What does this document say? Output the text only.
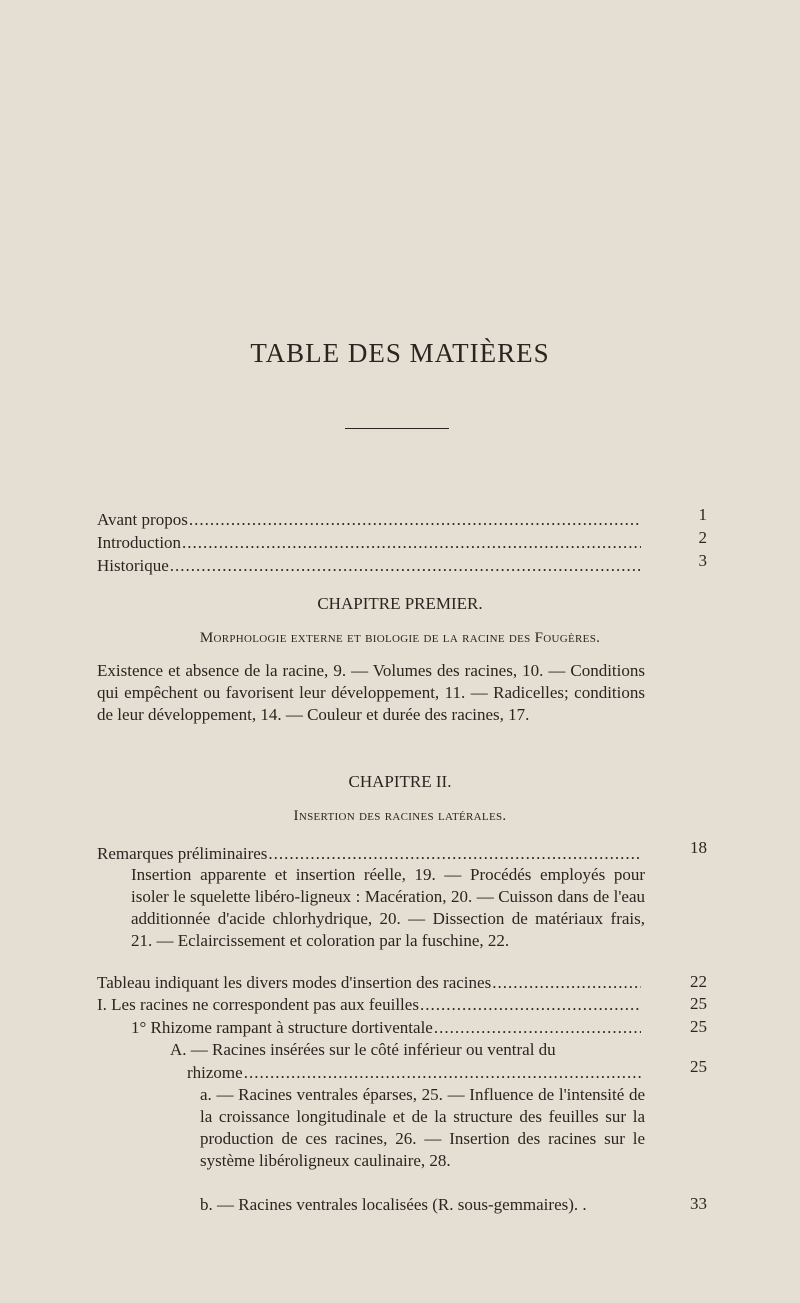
TABLE DES MATIÈRES
Avant propos .....	1
Introduction .....	2
Historique .....	3
CHAPITRE PREMIER.
Morphologie externe et biologie de la racine des Fougères.
Existence et absence de la racine, 9. — Volumes des racines, 10. — Conditions qui empêchent ou favorisent leur développement, 11. — Radicelles; conditions de leur développement, 14. — Couleur et durée des racines, 17.
CHAPITRE II.
Insertion des racines latérales.
Remarques préliminaires .....	18
Insertion apparente et insertion réelle, 19. — Procédés employés pour isoler le squelette libéro-ligneux : Macération, 20. — Cuisson dans de l'eau additionnée d'acide chlorhydrique, 20. — Dissection de matériaux frais, 21. — Eclaircissement et coloration par la fuschine, 22.
Tableau indiquant les divers modes d'insertion des racines .....	22
I. Les racines ne correspondent pas aux feuilles .....	25
1° Rhizome rampant à structure dortiventale .....	25
A. — Racines insérées sur le côté inférieur ou ventral du
rhizome .....	25
a. — Racines ventrales éparses, 25. — Influence de l'intensité de la croissance longitudinale et de la structure des feuilles sur la production de ces racines, 26. — Insertion des racines sur le système libéroligneux caulinaire, 28.
b. — Racines ventrales localisées (R. sous-gemmaires). .	33
